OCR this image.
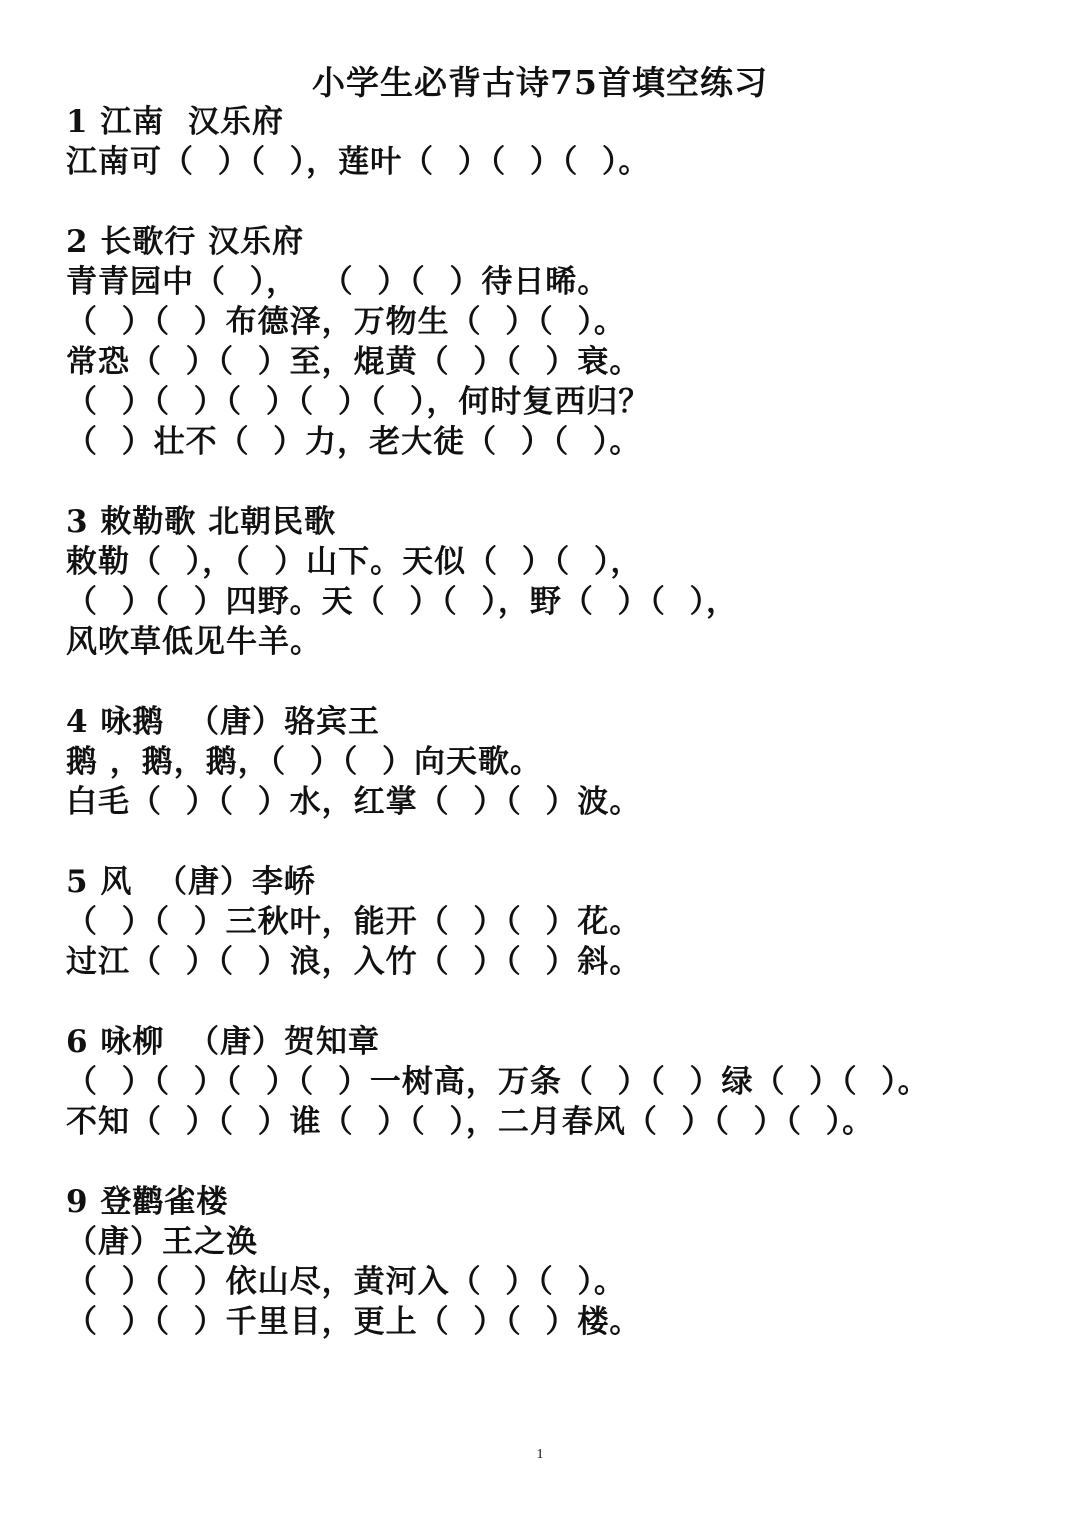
小学生必背古诗75首填空练习
1 江南  汉乐府
江南可（  ）（  ），莲叶（  ）（  ）（  ）。
2 长歌行 汉乐府
青青园中（  ），  （  ）（  ）待日晞。
（  ）（  ）布德泽，万物生（  ）（  ）。
常恐（  ）（  ）至，焜黄（  ）（  ）衰。
（  ）（  ）（  ）（  ）（  ），何时复西归？
（  ）壮不（  ）力，老大徒（  ）（  ）。
3 敕勒歌 北朝民歌
敕勒（  ），（  ）山下。天似（  ）（  ），
（  ）（  ）四野。天（  ）（  ），野（  ）（  ），
风吹草低见牛羊。
4 咏鹅  （唐）骆宾王
鹅 ，鹅，鹅，（  ）（  ）向天歌。
白毛（  ）（  ）水，红掌（  ）（  ）波。
5 风  （唐）李峤
（  ）（  ）三秋叶，能开（  ）（  ）花。
过江（  ）（  ）浪，入竹（  ）（  ）斜。
6 咏柳  （唐）贺知章
（  ）（  ）（  ）（  ）一树高，万条（  ）（  ）绿（  ）（  ）。
不知（  ）（  ）谁（  ）（  ），二月春风（  ）（  ）（  ）。
9 登鹳雀楼
（唐）王之涣
（  ）（  ）依山尽，黄河入（  ）（  ）。
（  ）（  ）千里目，更上（  ）（  ）楼。
1
